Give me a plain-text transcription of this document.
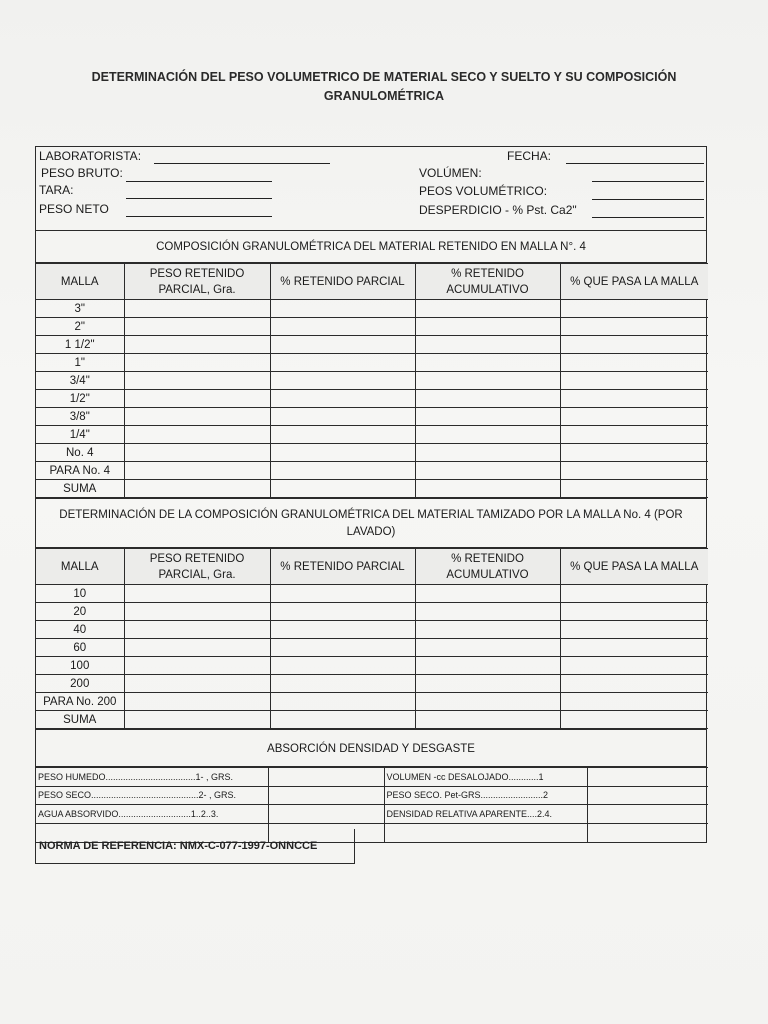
DETERMINACIÓN DEL PESO VOLUMETRICO DE MATERIAL SECO Y SUELTO Y SU COMPOSICIÓN
GRANULOMÉTRICA
LABORATORISTA:
PESO BRUTO:
TARA:
PESO NETO
FECHA:
VOLÚMEN:
PEOS VOLUMÉTRICO:
DESPERDICIO - % Pst. Ca2"
COMPOSICIÓN GRANULOMÉTRICA DEL MATERIAL RETENIDO EN MALLA N°. 4
MALLA	PESO RETENIDO PARCIAL, Gra.	% RETENIDO PARCIAL	% RETENIDO ACUMULATIVO	% QUE PASA LA MALLA
3"				
2"				
1 1/2"				
1"				
3/4"				
1/2"				
3/8"				
1/4"				
No. 4				
PARA No. 4				
SUMA				
DETERMINACIÓN DE LA COMPOSICIÓN GRANULOMÉTRICA DEL MATERIAL TAMIZADO POR LA MALLA No. 4 (POR LAVADO)
MALLA	PESO RETENIDO PARCIAL, Gra.	% RETENIDO PARCIAL	% RETENIDO ACUMULATIVO	% QUE PASA LA MALLA
10				
20				
40				
60				
100				
200				
PARA No. 200				
SUMA				
ABSORCIÓN DENSIDAD Y DESGASTE
PESO HUMEDO....................................1- , GRS.		VOLUMEN -cc DESALOJADO............1	
PESO SECO...........................................2- , GRS.		PESO SECO. Pet-GRS.........................2	
AGUA ABSORVIDO.............................1..2..3.		DENSIDAD RELATIVA APARENTE....2.4.	

NORMA DE REFERENCIA: NMX-C-077-1997-ONNCCE
